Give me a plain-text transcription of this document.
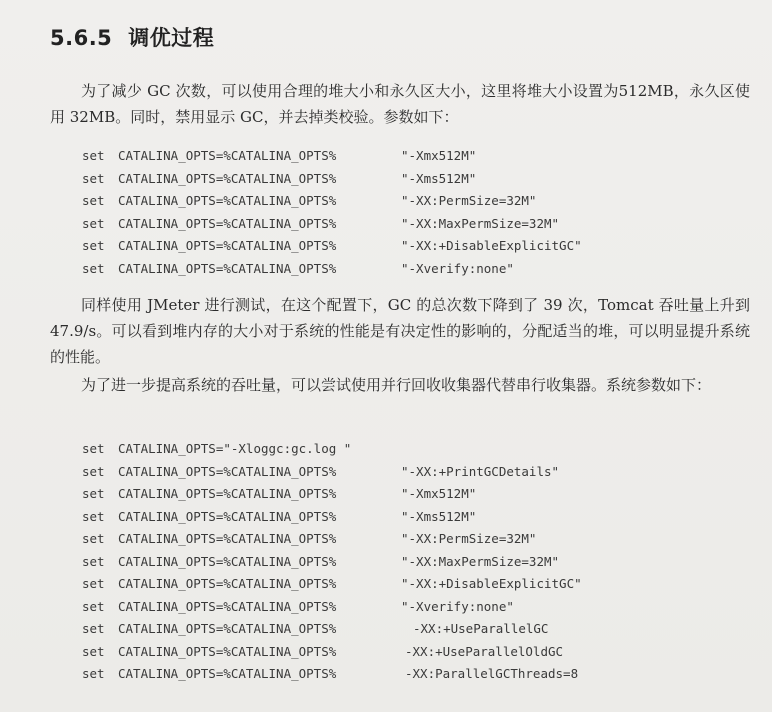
5.6.5 调优过程

为了减少 GC 次数，可以使用合理的堆大小和永久区大小，这里将堆大小设置为512MB，永久区使用 32MB。同时，禁用显示 GC，并去掉类校验。参数如下：

set CATALINA_OPTS=%CATALINA_OPTS%	"-Xmx512M"
set CATALINA_OPTS=%CATALINA_OPTS%	"-Xms512M"
set CATALINA_OPTS=%CATALINA_OPTS%	"-XX:PermSize=32M"
set CATALINA_OPTS=%CATALINA_OPTS%	"-XX:MaxPermSize=32M"
set CATALINA_OPTS=%CATALINA_OPTS%	"-XX:+DisableExplicitGC"
set CATALINA_OPTS=%CATALINA_OPTS%	"-Xverify:none"

同样使用 JMeter 进行测试，在这个配置下，GC 的总次数下降到了 39 次，Tomcat 吞吐量上升到 47.9/s。可以看到堆内存的大小对于系统的性能是有决定性的影响的，分配适当的堆，可以明显提升系统的性能。

为了进一步提高系统的吞吐量，可以尝试使用并行回收收集器代替串行收集器。系统参数如下：

set CATALINA_OPTS="-Xloggc:gc.log "
set CATALINA_OPTS=%CATALINA_OPTS%	"-XX:+PrintGCDetails"
set CATALINA_OPTS=%CATALINA_OPTS%	"-Xmx512M"
set CATALINA_OPTS=%CATALINA_OPTS%	"-Xms512M"
set CATALINA_OPTS=%CATALINA_OPTS%	"-XX:PermSize=32M"
set CATALINA_OPTS=%CATALINA_OPTS%	"-XX:MaxPermSize=32M"
set CATALINA_OPTS=%CATALINA_OPTS%	"-XX:+DisableExplicitGC"
set CATALINA_OPTS=%CATALINA_OPTS%	"-Xverify:none"
set CATALINA_OPTS=%CATALINA_OPTS%	-XX:+UseParallelGC
set CATALINA_OPTS=%CATALINA_OPTS%	-XX:+UseParallelOldGC
set CATALINA_OPTS=%CATALINA_OPTS%	-XX:ParallelGCThreads=8
